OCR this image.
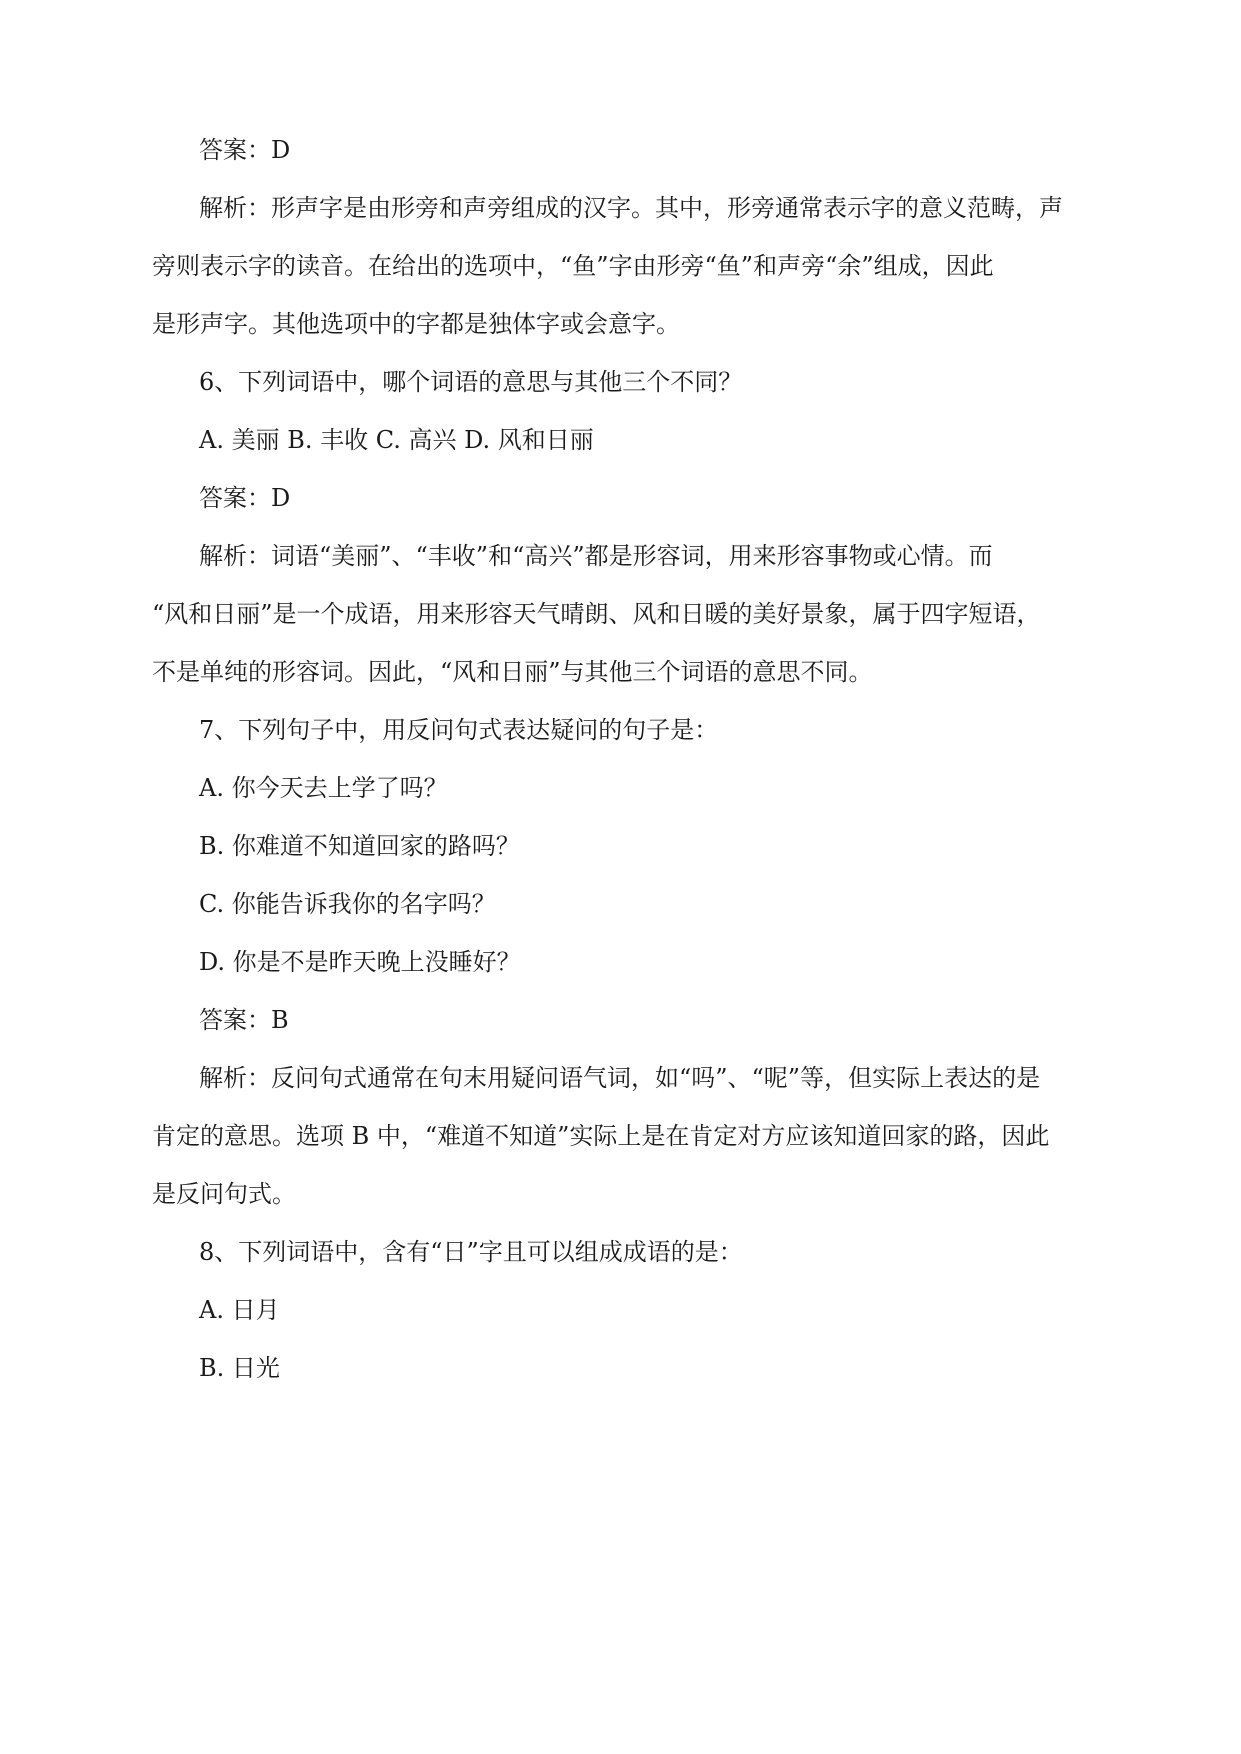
答案：D
解析：形声字是由形旁和声旁组成的汉字。其中，形旁通常表示字的意义范畴，声
旁则表示字的读音。在给出的选项中，“鱼”字由形旁“鱼”和声旁“余”组成，因此
是形声字。其他选项中的字都是独体字或会意字。
6、下列词语中，哪个词语的意思与其他三个不同？
A. 美丽 B. 丰收 C. 高兴 D. 风和日丽
答案：D
解析：词语“美丽”、“丰收”和“高兴”都是形容词，用来形容事物或心情。而
“风和日丽”是一个成语，用来形容天气晴朗、风和日暖的美好景象，属于四字短语，
不是单纯的形容词。因此，“风和日丽”与其他三个词语的意思不同。
7、下列句子中，用反问句式表达疑问的句子是：
A. 你今天去上学了吗？
B. 你难道不知道回家的路吗？
C. 你能告诉我你的名字吗？
D. 你是不是昨天晚上没睡好？
答案：B
解析：反问句式通常在句末用疑问语气词，如“吗”、“呢”等，但实际上表达的是
肯定的意思。选项 B 中，“难道不知道”实际上是在肯定对方应该知道回家的路，因此
是反问句式。
8、下列词语中，含有“日”字且可以组成成语的是：
A. 日月
B. 日光
